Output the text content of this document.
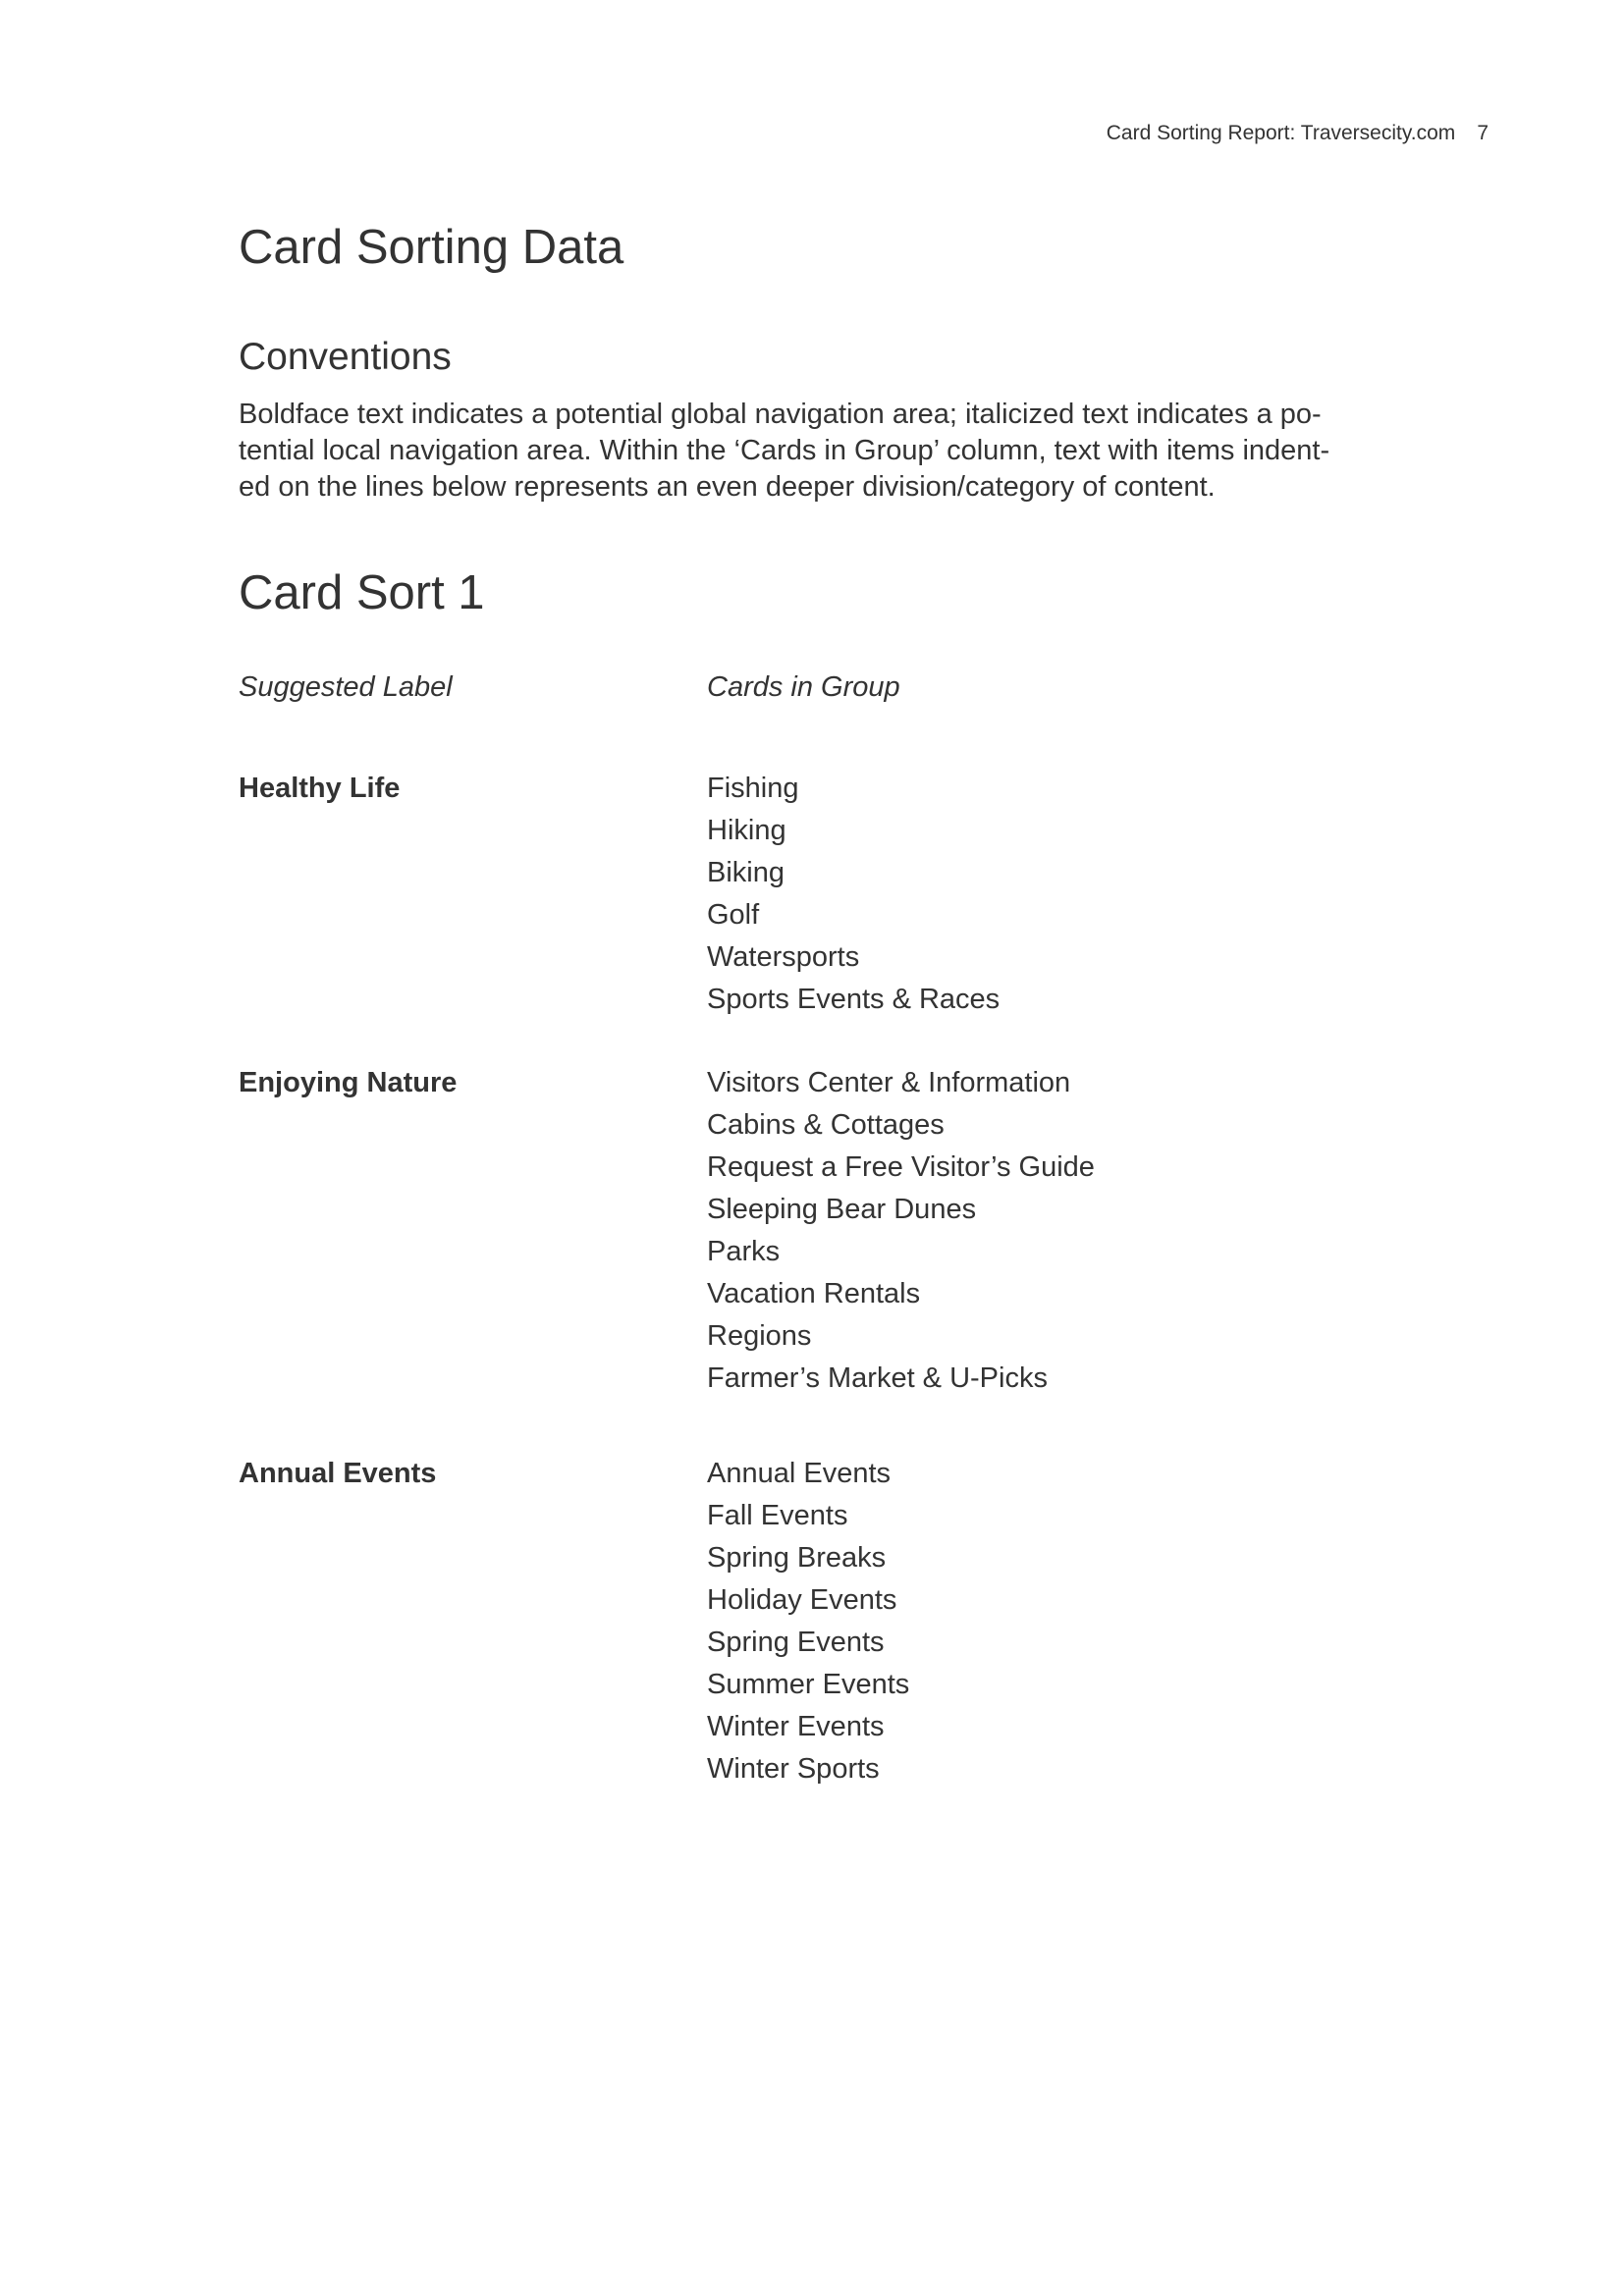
Card Sorting Report: Traversecity.com 7
Card Sorting Data
Conventions

Boldface text indicates a potential global navigation area; italicized text indicates a po-
tential local navigation area. Within the ‘Cards in Group’ column, text with items indent-
ed on the lines below represents an even deeper division/category of content.

Card Sort 1
Suggested Label	Cards in Group
Healthy Life	Fishing
Hiking
Biking
Golf
Watersports
Sports Events & Races
Enjoying Nature	Visitors Center & Information
Cabins & Cottages
Request a Free Visitor’s Guide
Sleeping Bear Dunes
Parks
Vacation Rentals
Regions
Farmer’s Market & U-Picks
Annual Events	Annual Events
Fall Events
Spring Breaks
Holiday Events
Spring Events
Summer Events
Winter Events
Winter Sports
